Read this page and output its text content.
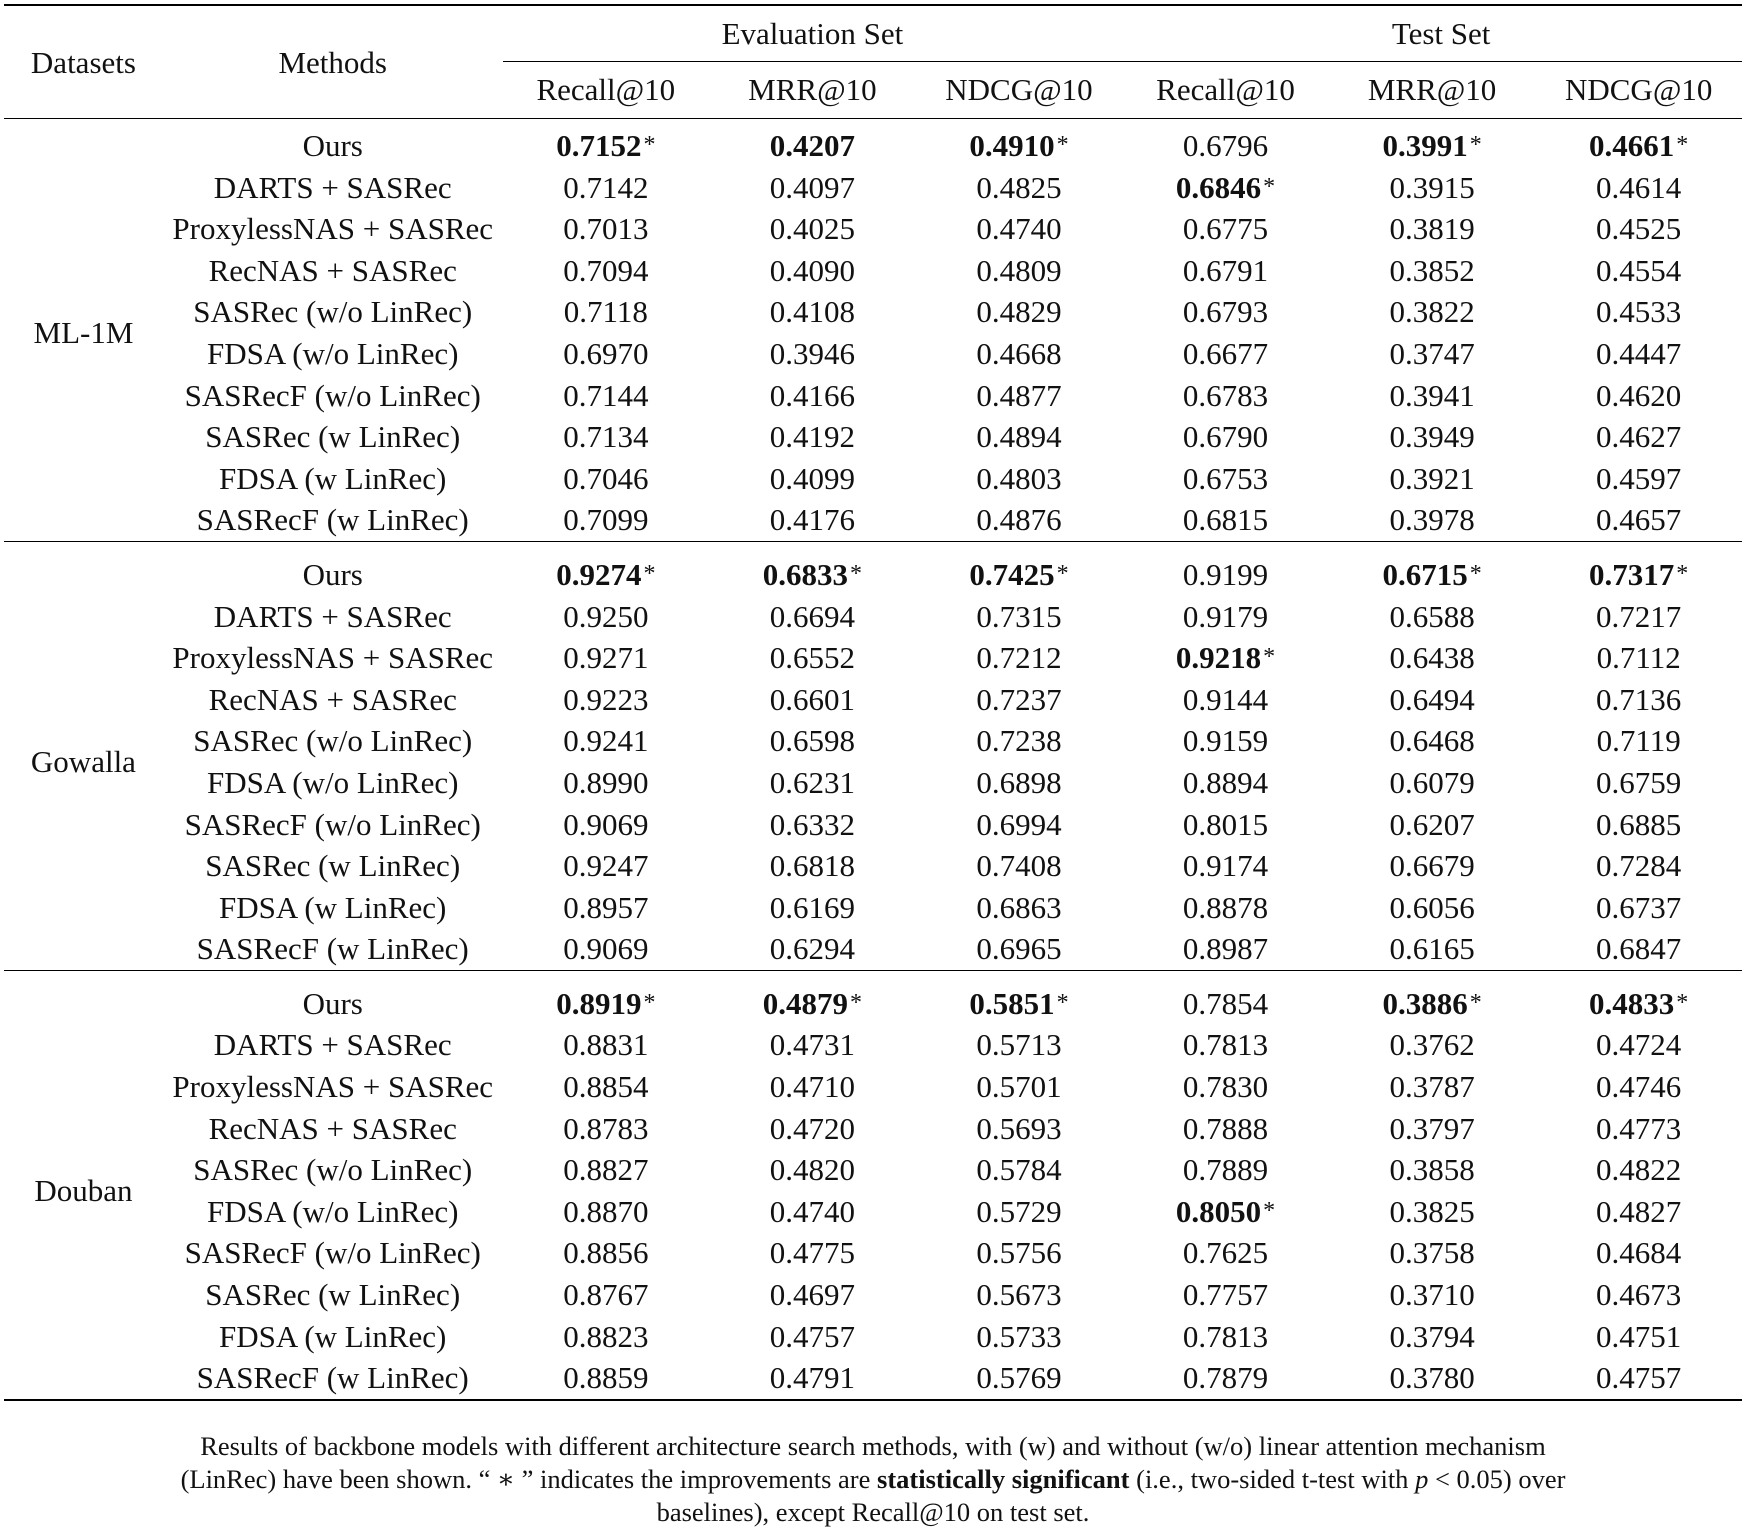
Datasets	Methods	Evaluation Set			Test Set		
		Recall@10	MRR@10	NDCG@10	Recall@10	MRR@10	NDCG@10

ML-1M	Ours	0.7152*	0.4207	0.4910*	0.6796	0.3991*	0.4661*
	DARTS + SASRec	0.7142	0.4097	0.4825	0.6846*	0.3915	0.4614
	ProxylessNAS + SASRec	0.7013	0.4025	0.4740	0.6775	0.3819	0.4525
	RecNAS + SASRec	0.7094	0.4090	0.4809	0.6791	0.3852	0.4554
	SASRec (w/o LinRec)	0.7118	0.4108	0.4829	0.6793	0.3822	0.4533
	FDSA (w/o LinRec)	0.6970	0.3946	0.4668	0.6677	0.3747	0.4447
	SASRecF (w/o LinRec)	0.7144	0.4166	0.4877	0.6783	0.3941	0.4620
	SASRec (w LinRec)	0.7134	0.4192	0.4894	0.6790	0.3949	0.4627
	FDSA (w LinRec)	0.7046	0.4099	0.4803	0.6753	0.3921	0.4597
	SASRecF (w LinRec)	0.7099	0.4176	0.4876	0.6815	0.3978	0.4657

Gowalla	Ours	0.9274*	0.6833*	0.7425*	0.9199	0.6715*	0.7317*
	DARTS + SASRec	0.9250	0.6694	0.7315	0.9179	0.6588	0.7217
	ProxylessNAS + SASRec	0.9271	0.6552	0.7212	0.9218*	0.6438	0.7112
	RecNAS + SASRec	0.9223	0.6601	0.7237	0.9144	0.6494	0.7136
	SASRec (w/o LinRec)	0.9241	0.6598	0.7238	0.9159	0.6468	0.7119
	FDSA (w/o LinRec)	0.8990	0.6231	0.6898	0.8894	0.6079	0.6759
	SASRecF (w/o LinRec)	0.9069	0.6332	0.6994	0.8015	0.6207	0.6885
	SASRec (w LinRec)	0.9247	0.6818	0.7408	0.9174	0.6679	0.7284
	FDSA (w LinRec)	0.8957	0.6169	0.6863	0.8878	0.6056	0.6737
	SASRecF (w LinRec)	0.9069	0.6294	0.6965	0.8987	0.6165	0.6847

Douban	Ours	0.8919*	0.4879*	0.5851*	0.7854	0.3886*	0.4833*
	DARTS + SASRec	0.8831	0.4731	0.5713	0.7813	0.3762	0.4724
	ProxylessNAS + SASRec	0.8854	0.4710	0.5701	0.7830	0.3787	0.4746
	RecNAS + SASRec	0.8783	0.4720	0.5693	0.7888	0.3797	0.4773
	SASRec (w/o LinRec)	0.8827	0.4820	0.5784	0.7889	0.3858	0.4822
	FDSA (w/o LinRec)	0.8870	0.4740	0.5729	0.8050*	0.3825	0.4827
	SASRecF (w/o LinRec)	0.8856	0.4775	0.5756	0.7625	0.3758	0.4684
	SASRec (w LinRec)	0.8767	0.4697	0.5673	0.7757	0.3710	0.4673
	FDSA (w LinRec)	0.8823	0.4757	0.5733	0.7813	0.3794	0.4751
	SASRecF (w LinRec)	0.8859	0.4791	0.5769	0.7879	0.3780	0.4757

Results of backbone models with different architecture search methods, with (w) and without (w/o) linear attention mechanism
(LinRec) have been shown. “ ∗ ” indicates the improvements are statistically significant (i.e., two-sided t-test with p < 0.05) over
baselines), except Recall@10 on test set.
